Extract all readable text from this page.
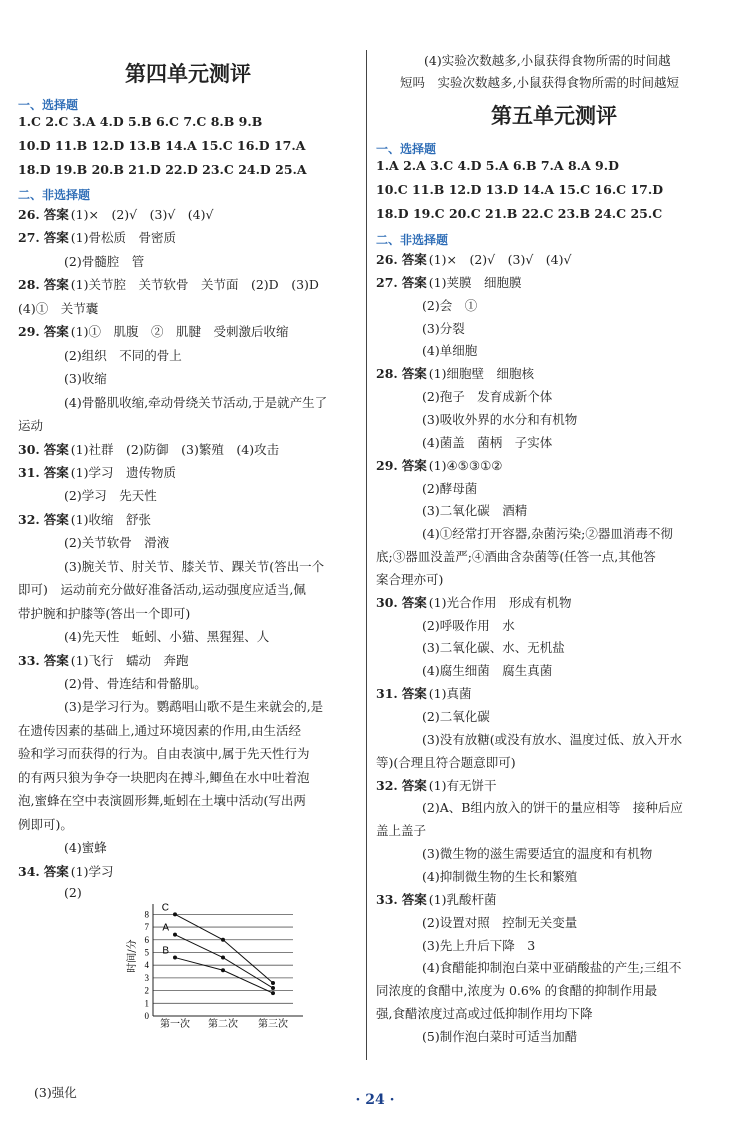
第四单元测评
一、选择题
1.C 2.C 3.A 4.D 5.B 6.C 7.C 8.B 9.B
10.D 11.B 12.D 13.B 14.A 15.C 16.D 17.A
18.D 19.B 20.B 21.D 22.D 23.C 24.D 25.A
二、非选择题
26. 答案 (1)×　(2)√　(3)√　(4)√
27. 答案 (1)骨松质　骨密质
(2)骨髓腔　管
28. 答案 (1)关节腔　关节软骨　关节面　(2)D　(3)D
(4)①　关节囊
29. 答案 (1)①　肌腹　②　肌腱　受刺激后收缩
(2)组织　不同的骨上
(3)收缩
(4)骨骼肌收缩,牵动骨绕关节活动,于是就产生了
运动
30. 答案 (1)社群　(2)防御　(3)繁殖　(4)攻击
31. 答案 (1)学习　遗传物质
(2)学习　先天性
32. 答案 (1)收缩　舒张
(2)关节软骨　滑液
(3)腕关节、肘关节、膝关节、踝关节(答出一个
即可)　运动前充分做好准备活动,运动强度应适当,佩
带护腕和护膝等(答出一个即可)
(4)先天性　蚯蚓、小猫、黑猩猩、人
33. 答案 (1)飞行　蠕动　奔跑
(2)骨、骨连结和骨骼肌。
(3)是学习行为。鹦鹉唱山歌不是生来就会的,是
在遗传因素的基础上,通过环境因素的作用,由生活经
验和学习而获得的行为。自由表演中,属于先天性行为
的有两只狼为争夺一块肥肉在搏斗,鲫鱼在水中吐着泡
泡,蜜蜂在空中表演圆形舞,蚯蚓在土壤中活动(写出两
例即可)。
(4)蜜蜂
34. 答案 (1)学习
(2)
(3)强化
0
1
2
3
4
5
6
7
8
第一次 第二次 第三次
时间/分
C
A
B
(4)实验次数越多,小鼠获得食物所需的时间越
短吗　实验次数越多,小鼠获得食物所需的时间越短
第五单元测评
一、选择题
1.A 2.A 3.C 4.D 5.A 6.B 7.A 8.A 9.D
10.C 11.B 12.D 13.D 14.A 15.C 16.C 17.D
18.D 19.C 20.C 21.B 22.C 23.B 24.C 25.C
二、非选择题
26. 答案 (1)×　(2)√　(3)√　(4)√
27. 答案 (1)荚膜　细胞膜
(2)会　①
(3)分裂
(4)单细胞
28. 答案 (1)细胞壁　细胞核
(2)孢子　发育成新个体
(3)吸收外界的水分和有机物
(4)菌盖　菌柄　子实体
29. 答案 (1)④⑤③①②
(2)酵母菌
(3)二氧化碳　酒精
(4)①经常打开容器,杂菌污染;②器皿消毒不彻
底;③器皿没盖严;④酒曲含杂菌等(任答一点,其他答
案合理亦可)
30. 答案 (1)光合作用　形成有机物
(2)呼吸作用　水
(3)二氧化碳、水、无机盐
(4)腐生细菌　腐生真菌
31. 答案 (1)真菌
(2)二氧化碳
(3)没有放糖(或没有放水、温度过低、放入开水
等)(合理且符合题意即可)
32. 答案 (1)有无饼干
(2)A、B组内放入的饼干的量应相等　接种后应
盖上盖子
(3)微生物的滋生需要适宜的温度和有机物
(4)抑制微生物的生长和繁殖
33. 答案 (1)乳酸杆菌
(2)设置对照　控制无关变量
(3)先上升后下降　3
(4)食醋能抑制泡白菜中亚硝酸盐的产生;三组不
同浓度的食醋中,浓度为 0.6% 的食醋的抑制作用最
强,食醋浓度过高或过低抑制作用均下降
(5)制作泡白菜时可适当加醋
· 24 ·
